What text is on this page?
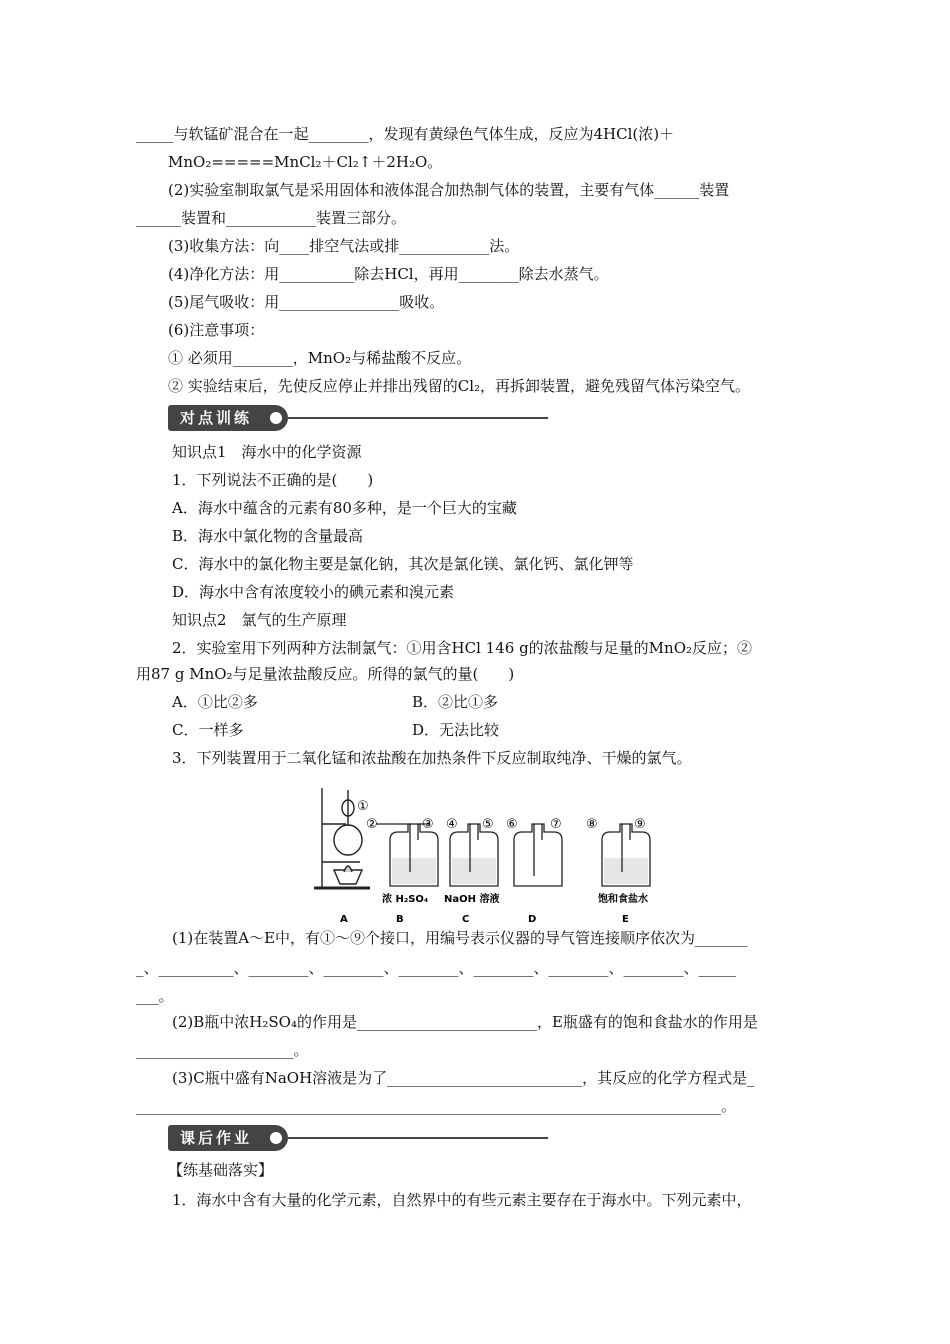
_____与软锰矿混合在一起________，发现有黄绿色气体生成，反应为4HCl(浓)＋
MnO₂=====MnCl₂＋Cl₂↑＋2H₂O。
(2)实验室制取氯气是采用固体和液体混合加热制气体的装置，主要有气体______装置
______装置和____________装置三部分。
(3)收集方法：向____排空气法或排____________法。
(4)净化方法：用__________除去HCl，再用________除去水蒸气。
(5)尾气吸收：用________________吸收。
(6)注意事项：
① 必须用________，MnO₂与稀盐酸不反应。
② 实验结束后，先使反应停止并排出残留的Cl₂，再拆卸装置，避免残留气体污染空气。
对点训练
知识点1　海水中的化学资源
1．下列说法不正确的是(　　)
A．海水中蕴含的元素有80多种，是一个巨大的宝藏
B．海水中氯化物的含量最高
C．海水中的氯化物主要是氯化钠，其次是氯化镁、氯化钙、氯化钾等
D．海水中含有浓度较小的碘元素和溴元素
知识点2　氯气的生产原理
2．实验室用下列两种方法制氯气：①用含HCl 146 g的浓盐酸与足量的MnO₂反应；②
用87 g MnO₂与足量浓盐酸反应。所得的氯气的量(　　)
A．①比②多	B．②比①多
C．一样多	D．无法比较
3．下列装置用于二氧化锰和浓盐酸在加热条件下反应制取纯净、干燥的氯气。
①
②	③ ④ ⑤ ⑥ ⑦ ⑧	⑨
浓 H₂SO₄ NaOH 溶液	饱和食盐水
A	B	C	D	E
(1)在装置A～E中，有①～⑨个接口，用编号表示仪器的导气管连接顺序依次为_______
_、__________、________、________、________、________、________、________、_____
___。
(2)B瓶中浓H₂SO₄的作用是________________________，E瓶盛有的饱和食盐水的作用是
_____________________。
(3)C瓶中盛有NaOH溶液是为了__________________________，其反应的化学方程式是_
______________________________________________________________________________。
课后作业
【练基础落实】
1．海水中含有大量的化学元素，自然界中的有些元素主要存在于海水中。下列元素中，
